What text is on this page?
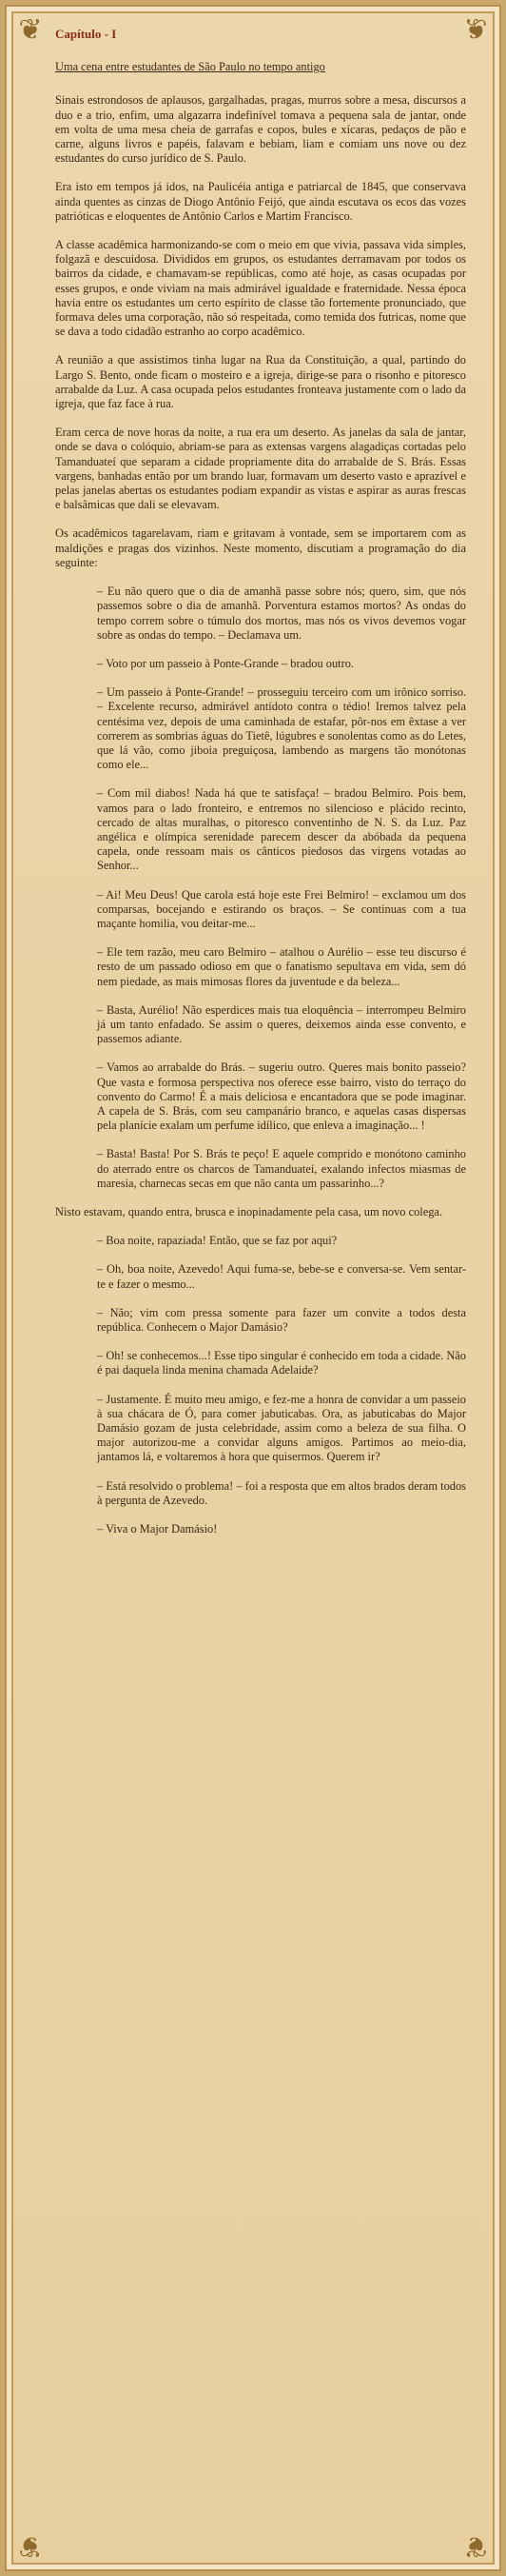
❦	❦
❦	❦
Capítulo - I
Uma cena entre estudantes de São Paulo no tempo antigo

Sinais estrondosos de aplausos, gargalhadas, pragas, murros sobre a mesa, discursos a duo e a trio, enfim, uma algazarra indefinível tomava a pequena sala de jantar, onde em volta de uma mesa cheia de garrafas e copos, bules e xícaras, pedaços de pão e carne, alguns livros e papéis, falavam e bebiam, liam e comiam uns nove ou dez estudantes do curso jurídico de S. Paulo.

Era isto em tempos já idos, na Paulicéia antiga e patriarcal de 1845, que conservava ainda quentes as cinzas de Diogo Antônio Feijó, que ainda escutava os ecos das vozes patrióticas e eloquentes de Antônio Carlos e Martim Francisco.

A classe acadêmica harmonizando-se com o meio em que vivia, passava vida simples, folgazã e descuidosa. Divididos em grupos, os estudantes derramavam por todos os bairros da cidade, e chamavam-se repúblicas, como até hoje, as casas ocupadas por esses grupos, e onde viviam na mais admirável igualdade e fraternidade. Nessa época havia entre os estudantes um certo espírito de classe tão fortemente pronunciado, que formava deles uma corporação, não só respeitada, como temida dos futricas, nome que se dava a todo cidadão estranho ao corpo acadêmico.

A reunião a que assistimos tinha lugar na Rua da Constituição, a qual, partindo do Largo S. Bento, onde ficam o mosteiro e a igreja, dirige-se para o risonho e pitoresco arrabalde da Luz. A casa ocupada pelos estudantes fronteava justamente com o lado da igreja, que faz face à rua.

Eram cerca de nove horas da noite, a rua era um deserto. As janelas da sala de jantar, onde se dava o colóquio, abriam-se para as extensas vargens alagadiças cortadas pelo Tamanduateí que separam a cidade propriamente dita do arrabalde de S. Brás. Essas vargens, banhadas então por um brando luar, formavam um deserto vasto e aprazível e pelas janelas abertas os estudantes podiam expandir as vistas e aspirar as auras frescas e balsâmicas que dali se elevavam.

Os acadêmicos tagarelavam, riam e gritavam à vontade, sem se importarem com as maldições e pragas dos vizinhos. Neste momento, discutiam a programação do dia seguinte:

– Eu não quero que o dia de amanhã passe sobre nós; quero, sim, que nós passemos sobre o dia de amanhã. Porventura estamos mortos? As ondas do tempo correm sobre o túmulo dos mortos, mas nós os vivos devemos vogar sobre as ondas do tempo. – Declamava um.

– Voto por um passeio à Ponte-Grande – bradou outro.

– Um passeio à Ponte-Grande! – prosseguiu terceiro com um irônico sorriso. – Excelente recurso, admirável antídoto contra o tédio! Iremos talvez pela centésima vez, depois de uma caminhada de estafar, pôr-nos em êxtase a ver correrem as sombrias águas do Tietê, lúgubres e sonolentas como as do Letes, que lá vão, como jiboia preguiçosa, lambendo as margens tão monótonas como ele...

– Com mil diabos! Nada há que te satisfaça! – bradou Belmiro. Pois bem, vamos para o lado fronteiro, e entremos no silencioso e plácido recinto, cercado de altas muralhas, o pitoresco conventinho de N. S. da Luz. Paz angélica e olímpica serenidade parecem descer da abóbada da pequena capela, onde ressoam mais os cânticos piedosos das virgens votadas ao Senhor...

– Ai! Meu Deus! Que carola está hoje este Frei Belmiro! – exclamou um dos comparsas, bocejando e estirando os braços. – Se continuas com a tua maçante homilia, vou deitar-me...

– Ele tem razão, meu caro Belmiro – atalhou o Aurélio – esse teu discurso é resto de um passado odioso em que o fanatismo sepultava em vida, sem dó nem piedade, as mais mimosas flores da juventude e da beleza...

– Basta, Aurélio! Não esperdices mais tua eloquência – interrompeu Belmiro já um tanto enfadado. Se assim o queres, deixemos ainda esse convento, e passemos adiante.

– Vamos ao arrabalde do Brás. – sugeriu outro. Queres mais bonito passeio? Que vasta e formosa perspectiva nos oferece esse bairro, visto do terraço do convento do Carmo! É a mais deliciosa e encantadora que se pode imaginar. A capela de S. Brás, com seu campanário branco, e aquelas casas dispersas pela planície exalam um perfume idílico, que enleva a imaginação... !

– Basta! Basta! Por S. Brás te peço! E aquele comprido e monótono caminho do aterrado entre os charcos de Tamanduateí, exalando infectos miasmas de maresia, charnecas secas em que não canta um passarinho...?

Nisto estavam, quando entra, brusca e inopinadamente pela casa, um novo colega.

– Boa noite, rapaziada! Então, que se faz por aqui?

– Oh, boa noite, Azevedo! Aqui fuma-se, bebe-se e conversa-se. Vem sentar-te e fazer o mesmo...

– Não; vim com pressa somente para fazer um convite a todos desta república. Conhecem o Major Damásio?

– Oh! se conhecemos...! Esse tipo singular é conhecido em toda a cidade. Não é pai daquela linda menina chamada Adelaide?

– Justamente. É muito meu amigo, e fez-me a honra de convidar a um passeio à sua chácara de Ó, para comer jabuticabas. Ora, as jabuticabas do Major Damásio gozam de justa celebridade, assim como a beleza de sua filha. O major autorizou-me a convidar alguns amigos. Partimos ao meio-dia, jantamos lá, e voltaremos à hora que quisermos. Querem ir?

– Está resolvido o problema! – foi a resposta que em altos brados deram todos à pergunta de Azevedo.

– Viva o Major Damásio!
